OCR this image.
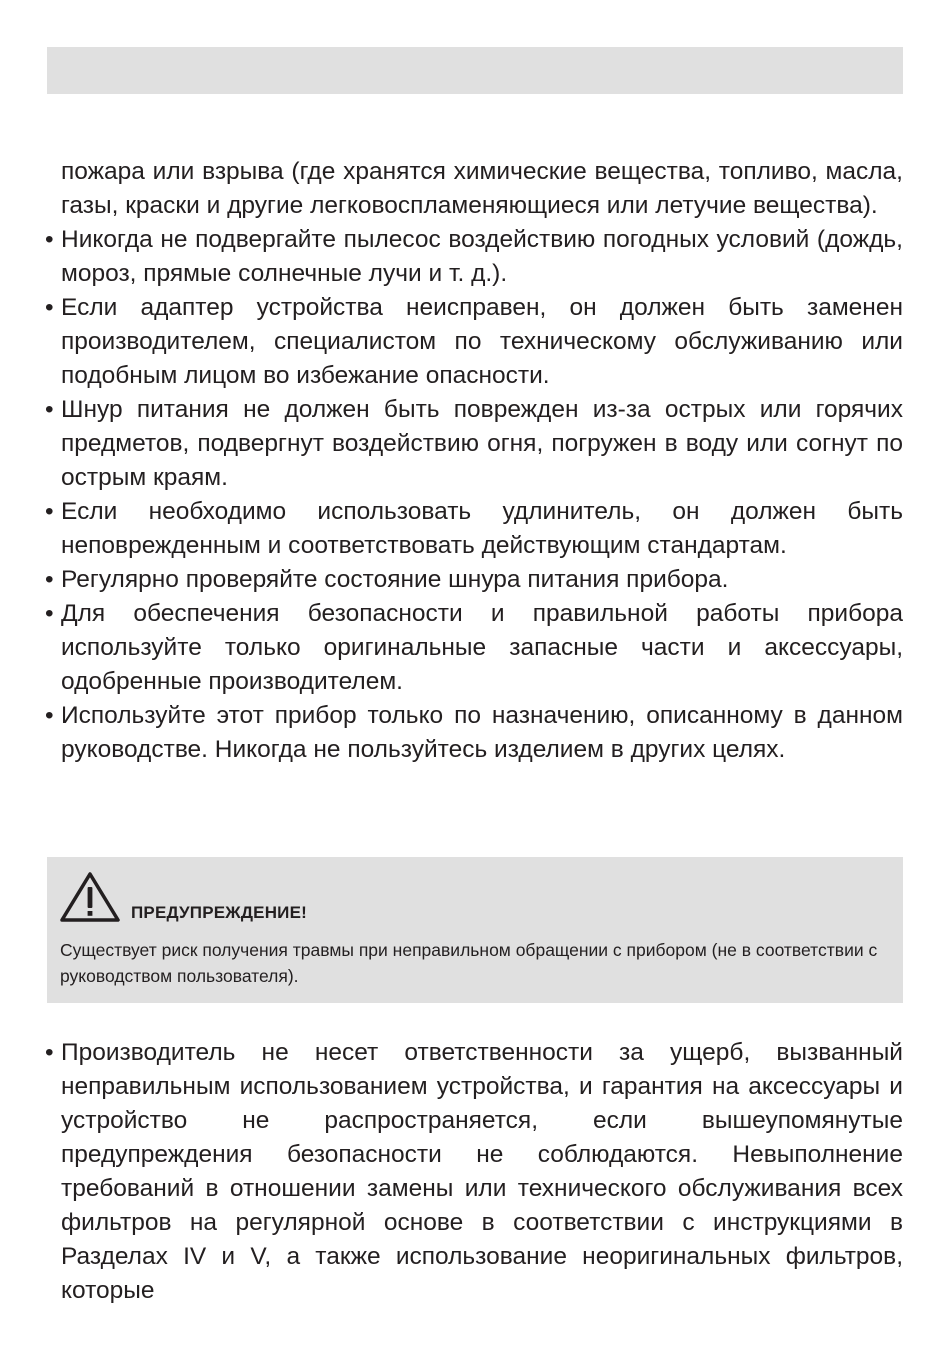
пожара или взрыва (где хранятся химические вещества, топливо, масла, газы, краски и другие легковоспламеняющиеся или летучие вещества).
• Никогда не подвергайте пылесос воздействию погодных условий (дождь, мороз, прямые солнечные лучи и т. д.).
• Если адаптер устройства неисправен, он должен быть заменен производителем, специалистом по техническому обслуживанию или подобным лицом во избежание опасности.
• Шнур питания не должен быть поврежден из-за острых или горячих предметов, подвергнут воздействию огня, погружен в воду или согнут по острым краям.
• Если необходимо использовать удлинитель, он должен быть неповрежденным и соответствовать действующим стандартам.
• Регулярно проверяйте состояние шнура питания прибора.
• Для обеспечения безопасности и правильной работы прибора используйте только оригинальные запасные части и аксессуары, одобренные производителем.
• Используйте этот прибор только по назначению, описанному в данном руководстве. Никогда не пользуйтесь изделием в других целях.
ПРЕДУПРЕЖДЕНИЕ!
Существует риск получения травмы при неправильном обращении с прибором (не в соответствии с руководством пользователя).
• Производитель не несет ответственности за ущерб, вызванный неправильным использованием устройства, и гарантия на аксессуары и устройство не распространяется, если вышеупомянутые предупреждения безопасности не соблюдаются. Невыполнение требований в отношении замены или технического обслуживания всех фильтров на регулярной основе в соответствии с инструкциями в Разделах IV и V, а также использование неоригинальных фильтров, которые
